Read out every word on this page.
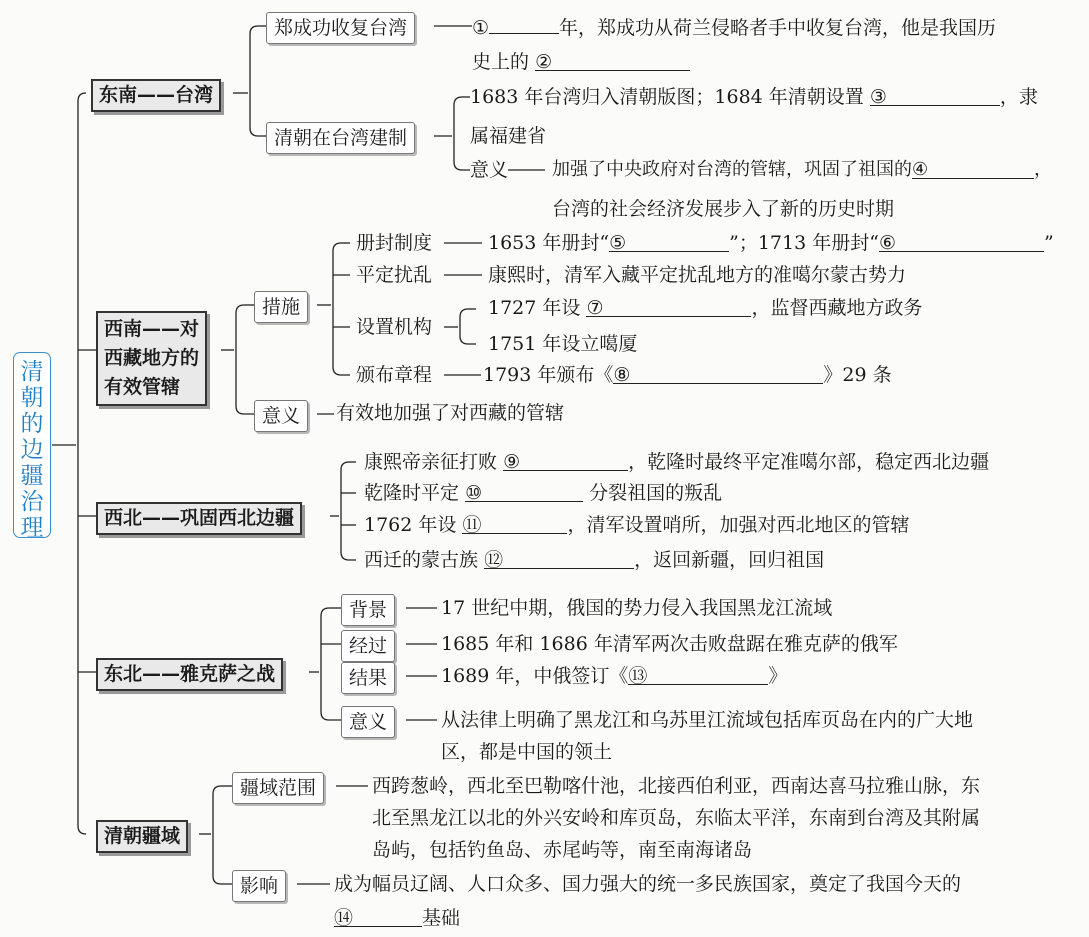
清朝的边疆治理
东南——台湾
郑成功收复台湾	①	年，郑成功从荷兰侵略者手中收复台湾，他是我国历
史上的 ②
清朝在台湾建制
1683 年台湾归入清朝版图；1684 年清朝设置 ③	，隶
属福建省
意义 加强了中央政府对台湾的管辖，巩固了祖国的④	，
台湾的社会经济发展步入了新的历史时期
西南——对
西藏地方的
有效管辖
措施
册封制度	1653 年册封“⑤	”；1713 年册封“⑥	”
平定扰乱	康熙时，清军入藏平定扰乱地方的准噶尔蒙古势力
设置机构
1727 年设 ⑦	，监督西藏地方政务
1751 年设立噶厦
颁布章程	1793 年颁布《⑧	》29 条
意义	有效地加强了对西藏的管辖
西北——巩固西北边疆
康熙帝亲征打败 ⑨	，乾隆时最终平定准噶尔部，稳定西北边疆
乾隆时平定 ⑩	分裂祖国的叛乱
1762 年设 ⑪	，清军设置哨所，加强对西北地区的管辖
西迁的蒙古族 ⑫	，返回新疆，回归祖国
东北——雅克萨之战
背景	17 世纪中期，俄国的势力侵入我国黑龙江流域
经过	1685 年和 1686 年清军两次击败盘踞在雅克萨的俄军
结果	1689 年，中俄签订《⑬	》
意义	从法律上明确了黑龙江和乌苏里江流域包括库页岛在内的广大地
区，都是中国的领土
清朝疆域
疆域范围	西跨葱岭，西北至巴勒喀什池，北接西伯利亚，西南达喜马拉雅山脉，东
北至黑龙江以北的外兴安岭和库页岛，东临太平洋，东南到台湾及其附属
岛屿，包括钓鱼岛、赤尾屿等，南至南海诸岛
影响	成为幅员辽阔、人口众多、国力强大的统一多民族国家，奠定了我国今天的
⑭	基础
